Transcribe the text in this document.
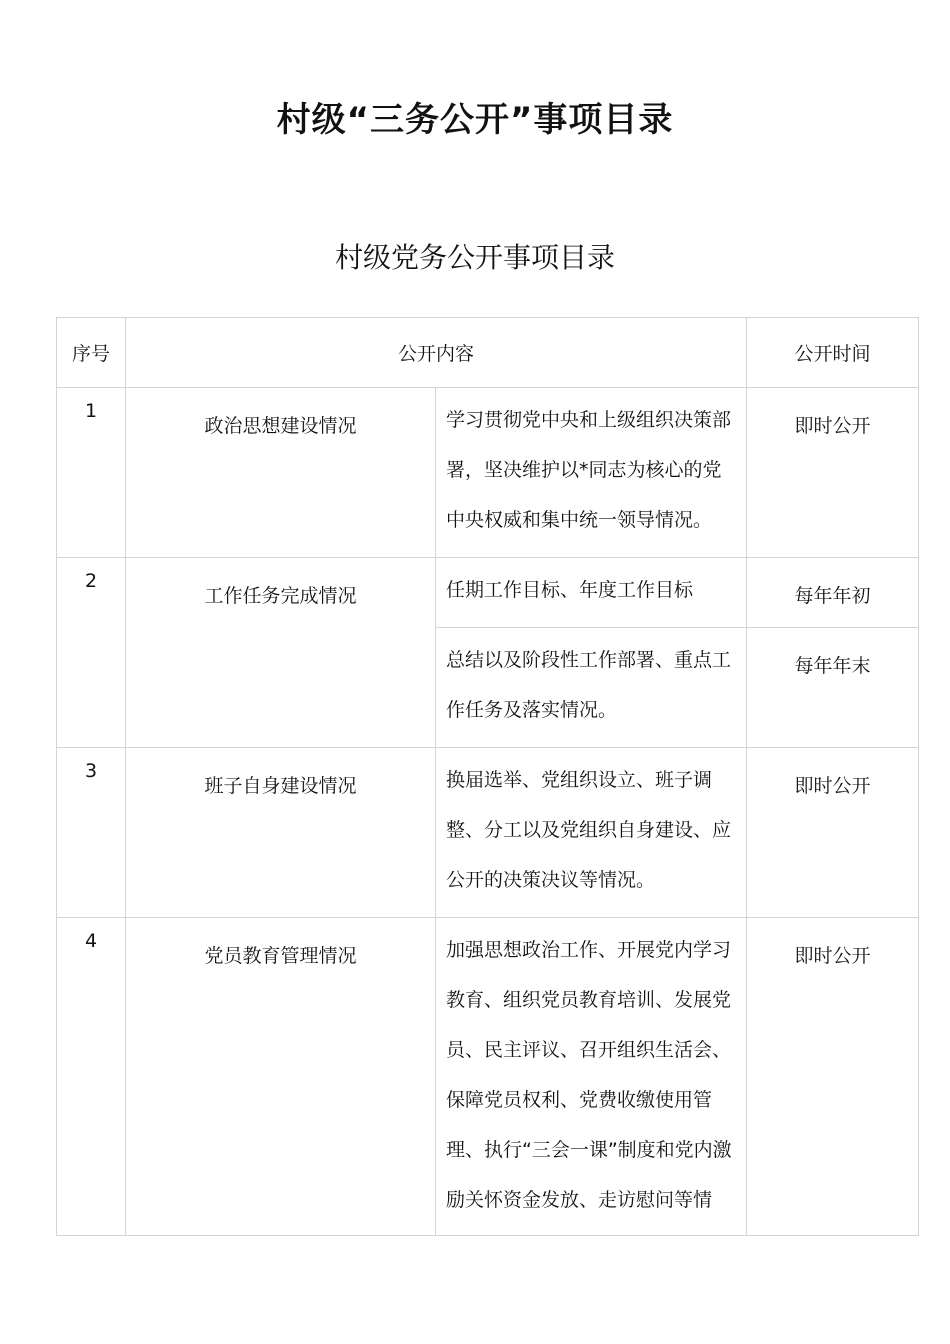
村级“三务公开”事项目录
村级党务公开事项目录
序号	公开内容		公开时间
1	政治思想建设情况	学习贯彻党中央和上级组织决策部署，坚决维护以*同志为核心的党中央权威和集中统一领导情况。	即时公开
2	工作任务完成情况	任期工作目标、年度工作目标	每年年初

		总结以及阶段性工作部署、重点工作任务及落实情况。	每年年末
3	班子自身建设情况	换届选举、党组织设立、班子调整、分工以及党组织自身建设、应公开的决策决议等情况。	即时公开
4	党员教育管理情况	加强思想政治工作、开展党内学习教育、组织党员教育培训、发展党员、民主评议、召开组织生活会、保障党员权利、党费收缴使用管理、执行“三会一课”制度和党内激励关怀资金发放、走访慰问等情	即时公开
